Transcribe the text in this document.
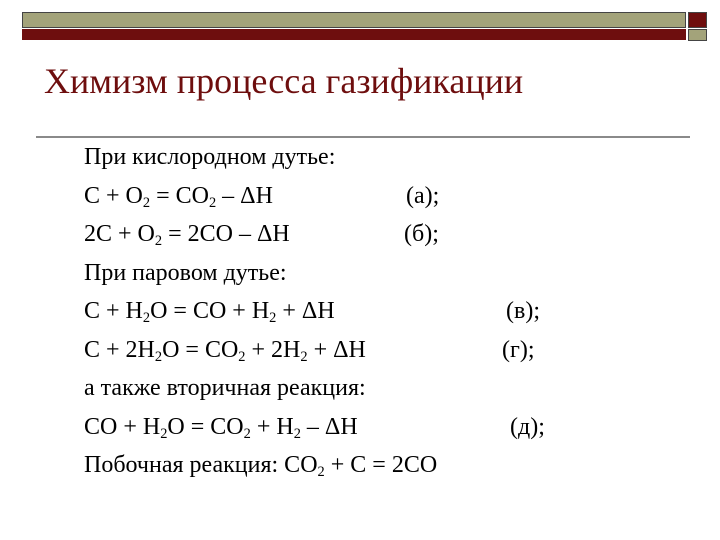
Химизм процесса газификации
При кислородном дутье:
$C + O_2 = CO_2 - \Delta H$	(а);
$2C + O_2 = 2CO - \Delta H$	(б);
При паровом дутье:
$C + H_2O$ = CO + $H_2 + \Delta H$	(в);
$C + 2H_2O = CO_2 + 2H_2 + \Delta H$	(г);
а также вторичная реакция:
CO + $H_2O = CO_2 + H_2 - \Delta H$	(д);
Побочная реакция: $CO_2 + C = 2CO$
